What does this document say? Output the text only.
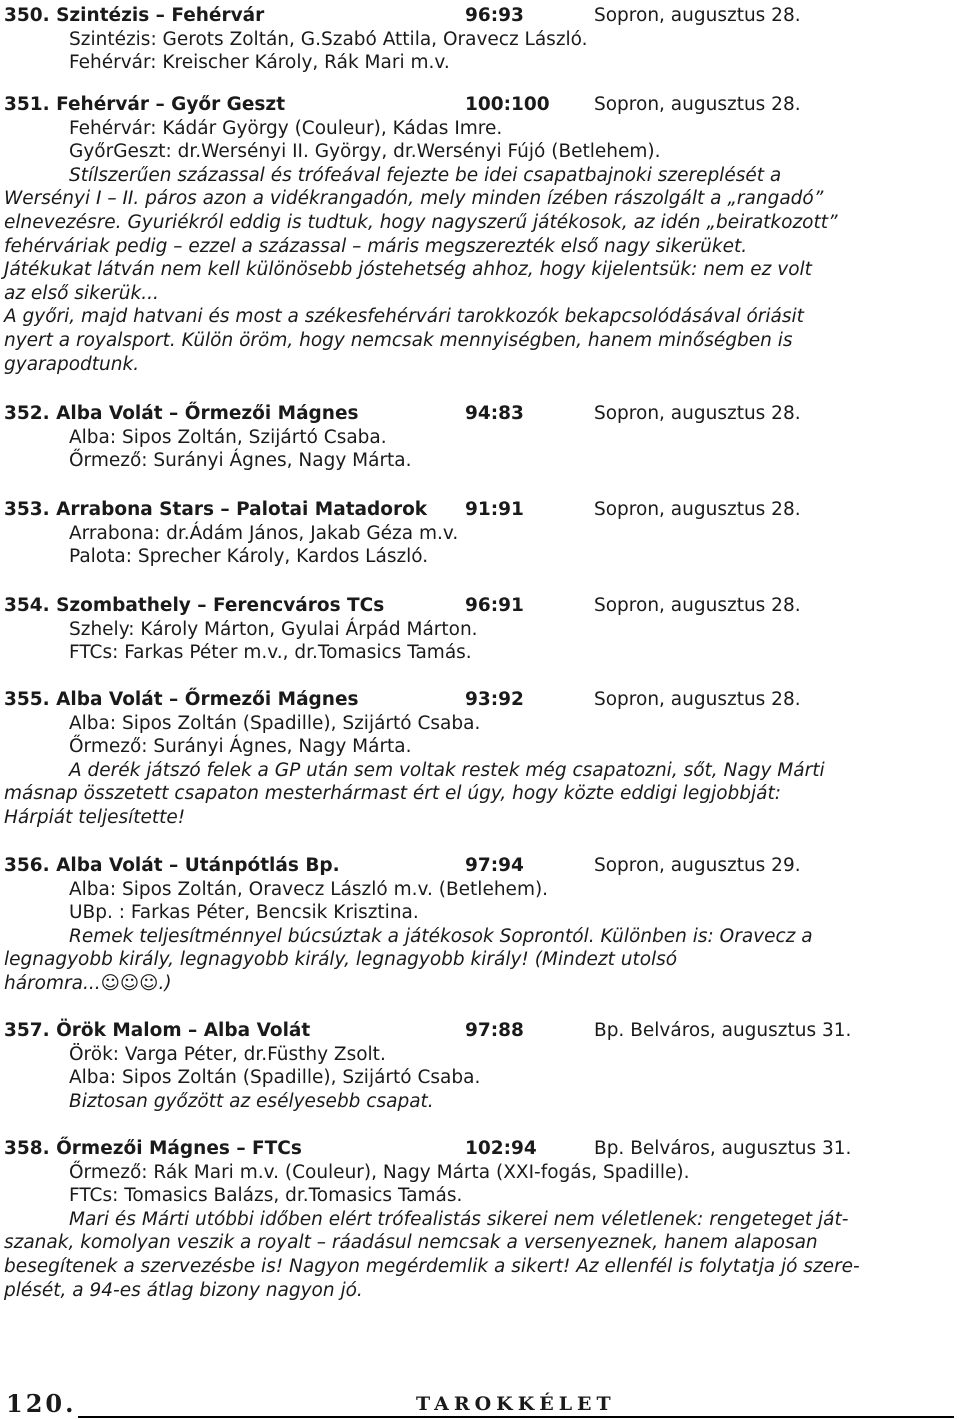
350. Szintézis – Fehérvár	96:93	Sopron, augusztus 28.
Szintézis: Gerots Zoltán, G.Szabó Attila, Oravecz László.
Fehérvár: Kreischer Károly, Rák Mari m.v.
351. Fehérvár – Győr Geszt	100:100 Sopron, augusztus 28.
Fehérvár: Kádár György (Couleur), Kádas Imre.
GyőrGeszt: dr.Wersényi II. György, dr.Wersényi Fújó (Betlehem).
Stílszerűen százassal és trófeával fejezte be idei csapatbajnoki szereplését a
Wersényi I – II. páros azon a vidékrangadón, mely minden ízében rászolgált a „rangadó”
elnevezésre. Gyuriékról eddig is tudtuk, hogy nagyszerű játékosok, az idén „beiratkozott”
fehérváriak pedig – ezzel a százassal – máris megszerezték első nagy sikerüket.
Játékukat látván nem kell különösebb jóstehetség ahhoz, hogy kijelentsük: nem ez volt
az első sikerük...
A győri, majd hatvani és most a székesfehérvári tarokkozók bekapcsolódásával óriásit
nyert a royalsport. Külön öröm, hogy nemcsak mennyiségben, hanem minőségben is
gyarapodtunk.
352. Alba Volát – Őrmezői Mágnes	94:83	Sopron, augusztus 28.
Alba: Sipos Zoltán, Szijártó Csaba.
Őrmező: Surányi Ágnes, Nagy Márta.
353. Arrabona Stars – Palotai Matadorok 91:91	Sopron, augusztus 28.
Arrabona: dr.Ádám János, Jakab Géza m.v.
Palota: Sprecher Károly, Kardos László.
354. Szombathely – Ferencváros TCs	96:91	Sopron, augusztus 28.
Szhely: Károly Márton, Gyulai Árpád Márton.
FTCs: Farkas Péter m.v., dr.Tomasics Tamás.
355. Alba Volát – Őrmezői Mágnes	93:92	Sopron, augusztus 28.
Alba: Sipos Zoltán (Spadille), Szijártó Csaba.
Őrmező: Surányi Ágnes, Nagy Márta.
A derék játszó felek a GP után sem voltak restek még csapatozni, sőt, Nagy Márti
másnap összetett csapaton mesterhármast ért el úgy, hogy közte eddigi legjobbját:
Hárpiát teljesítette!
356. Alba Volát – Utánpótlás Bp.	97:94	Sopron, augusztus 29.
Alba: Sipos Zoltán, Oravecz László m.v. (Betlehem).
UBp. : Farkas Péter, Bencsik Krisztina.
Remek teljesítménnyel búcsúztak a játékosok Soprontól. Különben is: Oravecz a
legnagyobb király, legnagyobb király, legnagyobb király! (Mindezt utolsó
háromra...☺☺☺.)
357. Örök Malom – Alba Volát	97:88	Bp. Belváros, augusztus 31.
Örök: Varga Péter, dr.Füsthy Zsolt.
Alba: Sipos Zoltán (Spadille), Szijártó Csaba.
Biztosan győzött az esélyesebb csapat.
358. Őrmezői Mágnes – FTCs	102:94	Bp. Belváros, augusztus 31.
Őrmező: Rák Mari m.v. (Couleur), Nagy Márta (XXI-fogás, Spadille).
FTCs: Tomasics Balázs, dr.Tomasics Tamás.
Mari és Márti utóbbi időben elért trófealistás sikerei nem véletlenek: rengeteget ját-
szanak, komolyan veszik a royalt – ráadásul nemcsak a versenyeznek, hanem alaposan
besegítenek a szervezésbe is! Nagyon megérdemlik a sikert! Az ellenfél is folytatja jó szere-
plését, a 94-es átlag bizony nagyon jó.
120.	TAROKKÉLET
